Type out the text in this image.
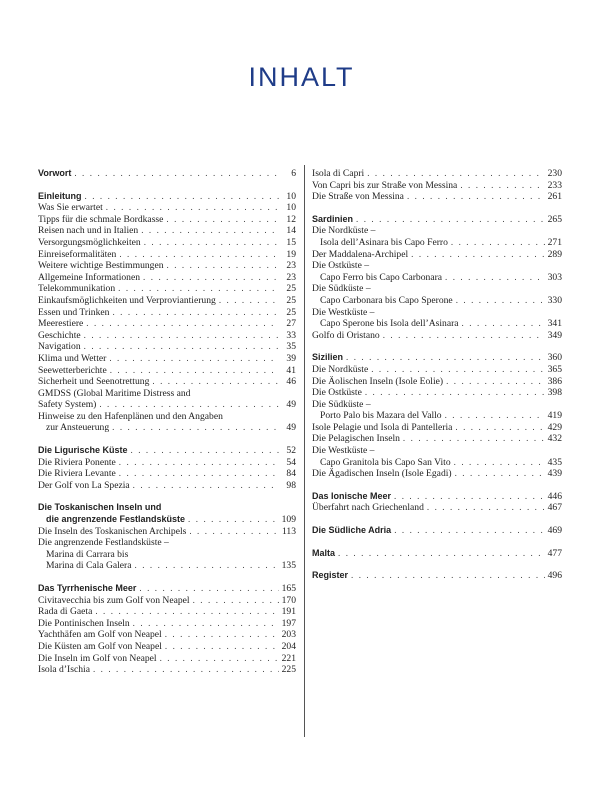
INHALT
Vorwort . . .	6
Einleitung . . .	10
Was Sie erwartet . . .	10
Tipps für die schmale Bordkasse . . .	12
Reisen nach und in Italien . . .	14
Versorgungsmöglichkeiten . . .	15
Einreiseformalitäten . . .	19
Weitere wichtige Bestimmungen . . .	23
Allgemeine Informationen . . .	23
Telekommunikation . . .	25
Einkaufsmöglichkeiten und Verproviantierung . . .	25
Essen und Trinken . . .	25
Meerestiere . . .	27
Geschichte . . .	33
Navigation . . .	35
Klima und Wetter . . .	39
Seewetterberichte . . .	41
Sicherheit und Seenotrettung . . .	46
GMDSS (Global Maritime Distress and
Safety System) . . .	49
Hinweise zu den Hafenplänen und den Angaben
zur Ansteuerung . . .	49
Die Ligurische Küste . . .	52
Die Riviera Ponente . . .	54
Die Riviera Levante . . .	84
Der Golf von La Spezia . . .	98
Die Toskanischen Inseln und
die angrenzende Festlandsküste . . .	109
Die Inseln des Toskanischen Archipels . . .	113
Die angrenzende Festlandsküste –
Marina di Carrara bis
Marina di Cala Galera . . .	135
Das Tyrrhenische Meer . . .	165
Civitavecchia bis zum Golf von Neapel . . .	170
Rada di Gaeta . . .	191
Die Pontinischen Inseln . . .	197
Yachthäfen am Golf von Neapel . . .	203
Die Küsten am Golf von Neapel . . .	204
Die Inseln im Golf von Neapel . . .	221
Isola d’Ischia . . .	225
Isola di Capri . . .	230
Von Capri bis zur Straße von Messina . . .	233
Die Straße von Messina . . .	261
Sardinien . . .	265
Die Nordküste –
Isola dell’Asinara bis Capo Ferro . . .	271
Der Maddalena-Archipel . . .	289
Die Ostküste –
Capo Ferro bis Capo Carbonara . . .	303
Die Südküste –
Capo Carbonara bis Capo Sperone . . .	330
Die Westküste –
Capo Sperone bis Isola dell’Asinara . . .	341
Golfo di Oristano . . .	349
Sizilien . . .	360
Die Nordküste . . .	365
Die Äolischen Inseln (Isole Eolie) . . .	386
Die Ostküste . . .	398
Die Südküste –
Porto Palo bis Mazara del Vallo . . .	419
Isole Pelagie und Isola di Pantelleria . . .	429
Die Pelagischen Inseln . . .	432
Die Westküste –
Capo Granitola bis Capo San Vito . . .	435
Die Ägadischen Inseln (Isole Egadi) . . .	439
Das Ionische Meer . . .	446
Überfahrt nach Griechenland . . .	467
Die Südliche Adria . . .	469
Malta . . .	477
Register . . .	496
